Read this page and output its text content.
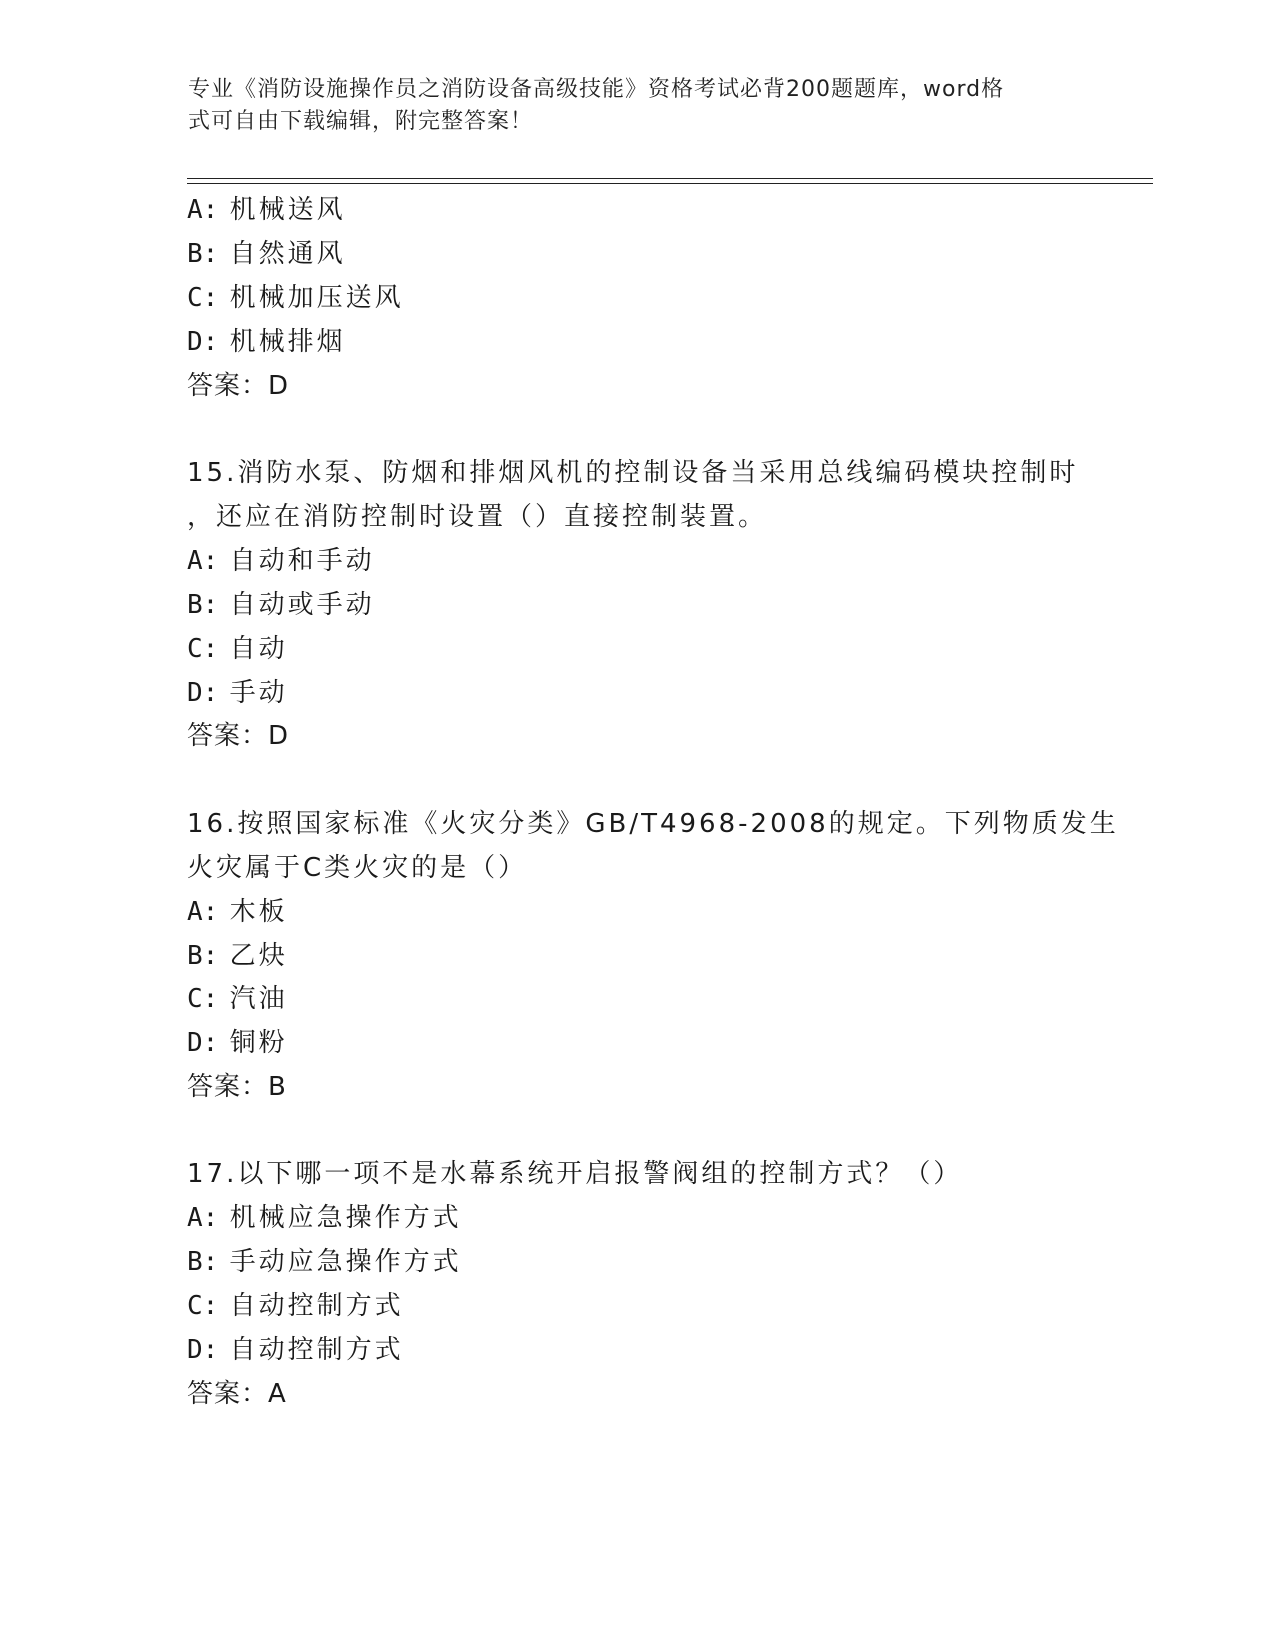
专业《消防设施操作员之消防设备高级技能》资格考试必背200题题库，word格
式可自由下载编辑，附完整答案！
A: 机械送风
B: 自然通风
C: 机械加压送风
D: 机械排烟
答案：D
15.消防水泵、防烟和排烟风机的控制设备当采用总线编码模块控制时
，还应在消防控制时设置（）直接控制装置。
A: 自动和手动
B: 自动或手动
C: 自动
D: 手动
答案：D
16.按照国家标准《火灾分类》GB/T4968-2008的规定。下列物质发生
火灾属于C类火灾的是（）
A: 木板
B: 乙炔
C: 汽油
D: 铜粉
答案：B
17.以下哪一项不是水幕系统开启报警阀组的控制方式？（）
A: 机械应急操作方式
B: 手动应急操作方式
C: 自动控制方式
D: 自动控制方式
答案：A
